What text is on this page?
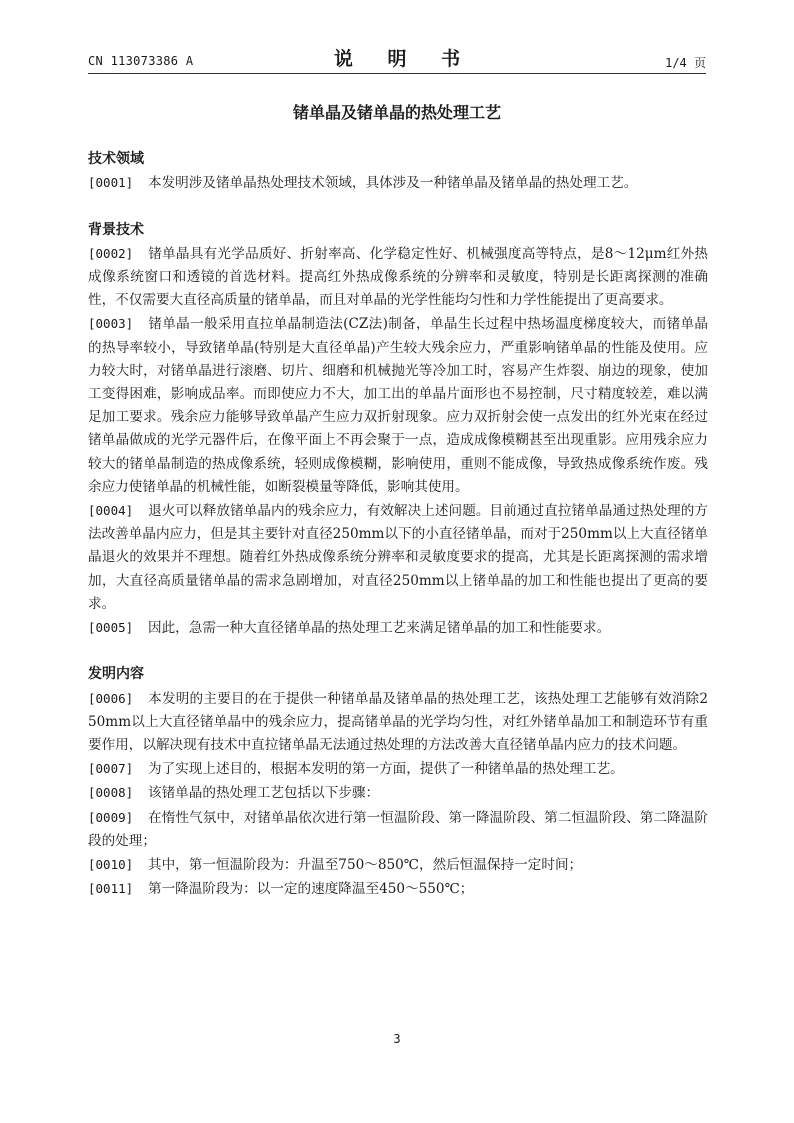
CN 113073386 A	说 明 书	1/4 页
锗单晶及锗单晶的热处理工艺
技术领域

[0001] 本发明涉及锗单晶热处理技术领域，具体涉及一种锗单晶及锗单晶的热处理工艺。

背景技术

[0002] 锗单晶具有光学品质好、折射率高、化学稳定性好、机械强度高等特点，是8～12μm红外热成像系统窗口和透镜的首选材料。提高红外热成像系统的分辨率和灵敏度，特别是长距离探测的准确性，不仅需要大直径高质量的锗单晶，而且对单晶的光学性能均匀性和力学性能提出了更高要求。

[0003] 锗单晶一般采用直拉单晶制造法(CZ法)制备，单晶生长过程中热场温度梯度较大，而锗单晶的热导率较小，导致锗单晶(特别是大直径单晶)产生较大残余应力，严重影响锗单晶的性能及使用。应力较大时，对锗单晶进行滚磨、切片、细磨和机械抛光等冷加工时，容易产生炸裂、崩边的现象，使加工变得困难，影响成品率。而即使应力不大，加工出的单晶片面形也不易控制，尺寸精度较差，难以满足加工要求。残余应力能够导致单晶产生应力双折射现象。应力双折射会使一点发出的红外光束在经过锗单晶做成的光学元器件后，在像平面上不再会聚于一点，造成成像模糊甚至出现重影。应用残余应力较大的锗单晶制造的热成像系统，轻则成像模糊，影响使用，重则不能成像，导致热成像系统作废。残余应力使锗单晶的机械性能，如断裂模量等降低，影响其使用。

[0004] 退火可以释放锗单晶内的残余应力，有效解决上述问题。目前通过直拉锗单晶通过热处理的方法改善单晶内应力，但是其主要针对直径250mm以下的小直径锗单晶，而对于250mm以上大直径锗单晶退火的效果并不理想。随着红外热成像系统分辨率和灵敏度要求的提高，尤其是长距离探测的需求增加，大直径高质量锗单晶的需求急剧增加，对直径250mm以上锗单晶的加工和性能也提出了更高的要求。

[0005] 因此，急需一种大直径锗单晶的热处理工艺来满足锗单晶的加工和性能要求。

发明内容

[0006] 本发明的主要目的在于提供一种锗单晶及锗单晶的热处理工艺，该热处理工艺能够有效消除250mm以上大直径锗单晶中的残余应力，提高锗单晶的光学均匀性，对红外锗单晶加工和制造环节有重要作用，以解决现有技术中直拉锗单晶无法通过热处理的方法改善大直径锗单晶内应力的技术问题。

[0007] 为了实现上述目的，根据本发明的第一方面，提供了一种锗单晶的热处理工艺。

[0008] 该锗单晶的热处理工艺包括以下步骤：

[0009] 在惰性气氛中，对锗单晶依次进行第一恒温阶段、第一降温阶段、第二恒温阶段、第二降温阶段的处理；

[0010] 其中，第一恒温阶段为：升温至750～850℃，然后恒温保持一定时间；

[0011] 第一降温阶段为：以一定的速度降温至450～550℃；

3
